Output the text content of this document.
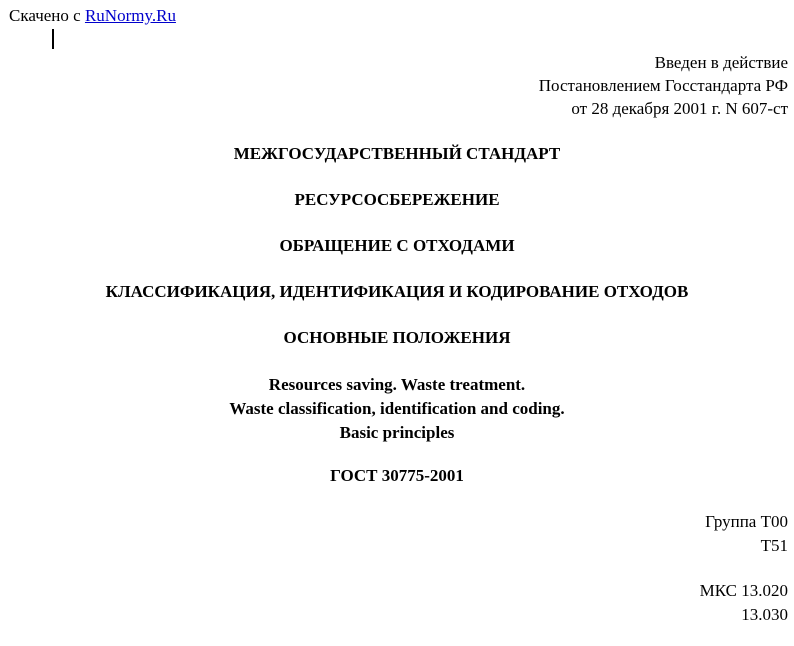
Скачено с RuNormy.Ru
Введен в действие
Постановлением Госстандарта РФ
от 28 декабря 2001 г. N 607-ст
МЕЖГОСУДАРСТВЕННЫЙ СТАНДАРТ
РЕСУРСОСБЕРЕЖЕНИЕ
ОБРАЩЕНИЕ С ОТХОДАМИ
КЛАССИФИКАЦИЯ, ИДЕНТИФИКАЦИЯ И КОДИРОВАНИЕ ОТХОДОВ
ОСНОВНЫЕ ПОЛОЖЕНИЯ
Resources saving. Waste treatment.
Waste classification, identification and coding.
Basic principles
ГОСТ 30775-2001
Группа Т00
Т51
МКС 13.020
13.030
